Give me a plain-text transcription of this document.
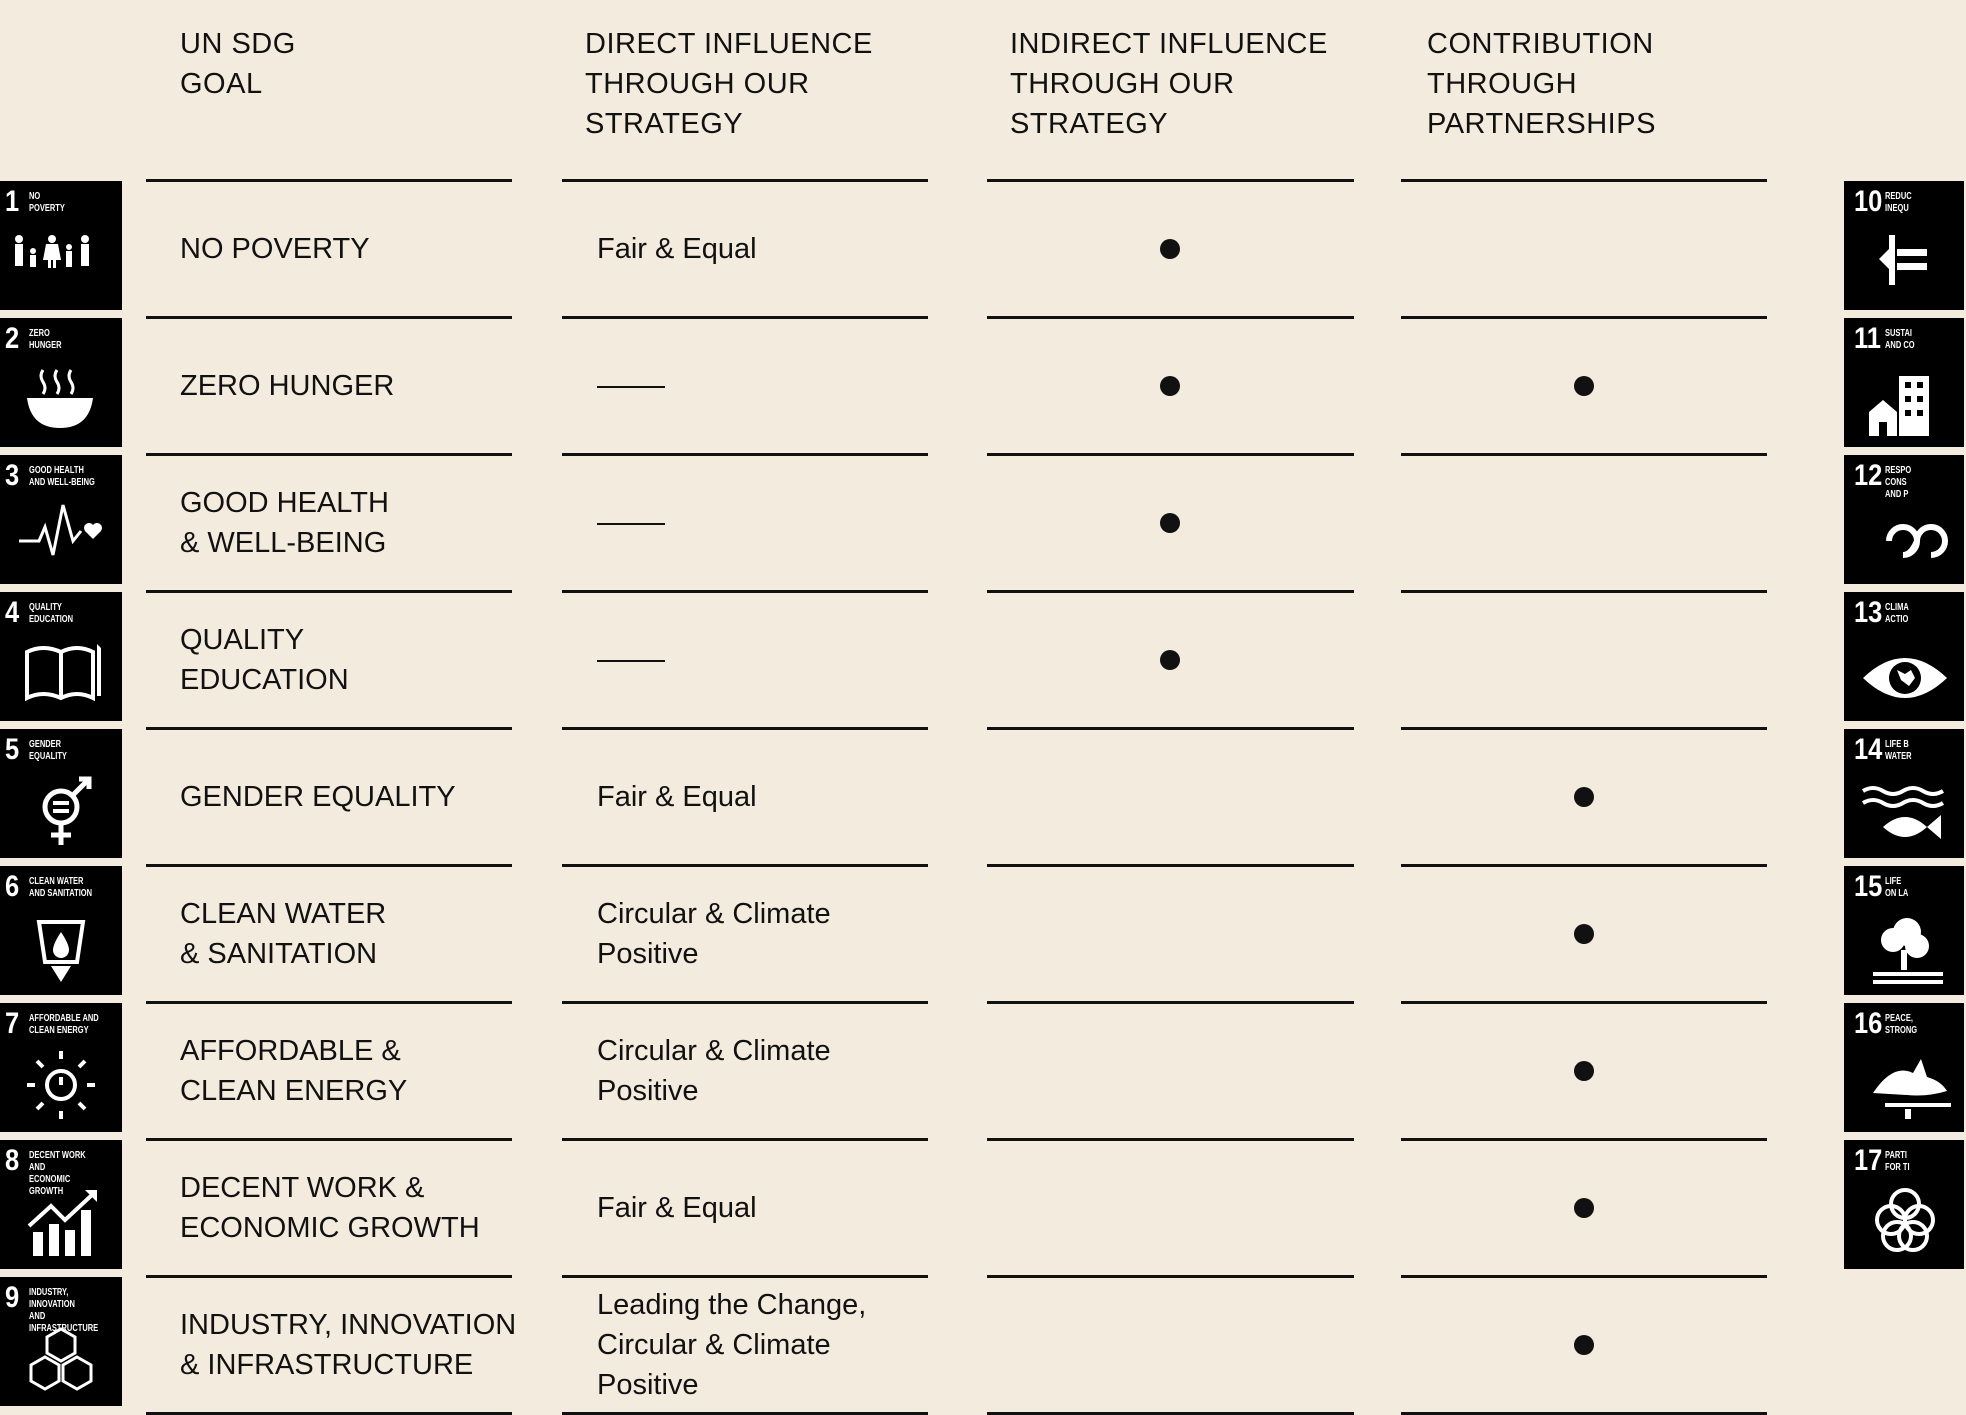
UN SDG
GOAL
DIRECT INFLUENCE
THROUGH OUR
STRATEGY
INDIRECT INFLUENCE
THROUGH OUR
STRATEGY
CONTRIBUTION
THROUGH
PARTNERSHIPS
NO POVERTY	Fair & Equal
ZERO HUNGER
GOOD HEALTH
& WELL-BEING
QUALITY
EDUCATION
GENDER EQUALITY	Fair & Equal
CLEAN WATER
& SANITATION
Circular & Climate
Positive
AFFORDABLE &
CLEAN ENERGY
Circular & Climate
Positive
DECENT WORK &
ECONOMIC GROWTH
Fair & Equal
INDUSTRY, INNOVATION
& INFRASTRUCTURE
Leading the Change,
Circular & Climate
Positive
1 NO
POVERTY
2 ZERO
HUNGER
3 GOOD HEALTH
AND WELL-BEING
4 QUALITY
EDUCATION
5 GENDER
EQUALITY
6 CLEAN WATER
AND SANITATION
7 AFFORDABLE AND
CLEAN ENERGY
8 DECENT WORK AND
ECONOMIC GROWTH
9 INDUSTRY, INNOVATION
AND INFRASTRUCTURE
10 REDUC
INEQU
11 SUSTAI
AND CO
12 RESPO
CONS
AND P
13 CLIMA
ACTIO
14 LIFE B
WATER
15 LIFE
ON LA
16 PEACE,
STRONG
17 PARTI
FOR TI
